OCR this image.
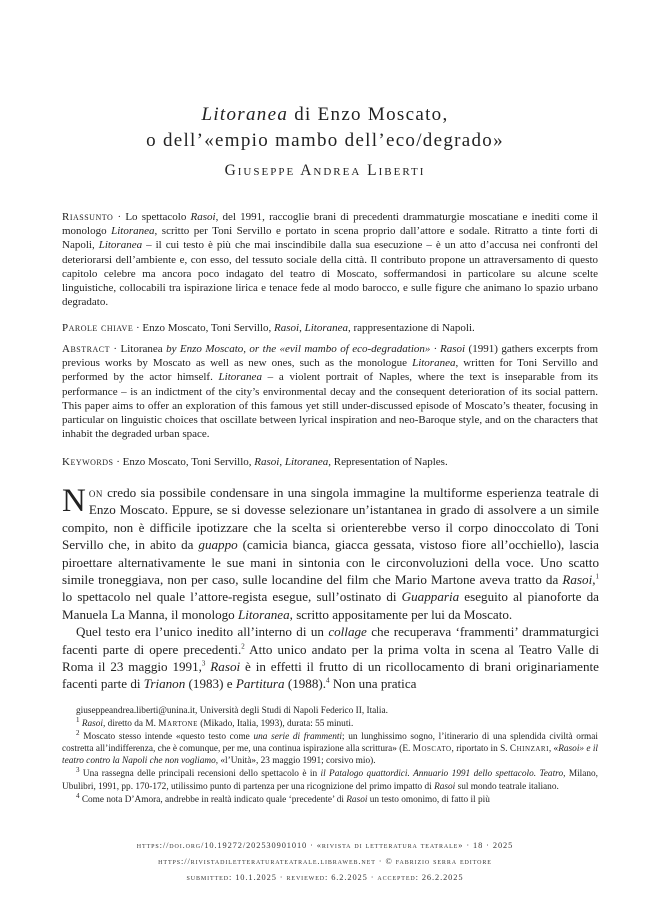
Litoranea di Enzo Moscato,
o dell’«empio mambo dell’eco/degrado»
Giuseppe Andrea Liberti

Riassunto · Lo spettacolo Rasoi, del 1991, raccoglie brani di precedenti drammaturgie moscatiane e inediti come il monologo Litoranea, scritto per Toni Servillo e portato in scena proprio dall’attore e sodale. Ritratto a tinte forti di Napoli, Litoranea – il cui testo è più che mai inscindibile dalla sua esecuzione – è un atto d’accusa nei confronti del deteriorarsi dell’ambiente e, con esso, del tessuto sociale della città. Il contributo propone un attraversamento di questo capitolo celebre ma ancora poco indagato del teatro di Moscato, soffermandosi in particolare su alcune scelte linguistiche, collocabili tra ispirazione lirica e tenace fede al modo barocco, e sulle figure che animano lo spazio urbano degradato.

Parole chiave · Enzo Moscato, Toni Servillo, Rasoi, Litoranea, rappresentazione di Napoli.

Abstract · Litoranea by Enzo Moscato, or the «evil mambo of eco-degradation» · Rasoi (1991) gathers excerpts from previous works by Moscato as well as new ones, such as the monologue Litoranea, written for Toni Servillo and performed by the actor himself. Litoranea – a violent portrait of Naples, where the text is inseparable from its performance – is an indictment of the city’s environmental decay and the consequent deterioration of its social pattern. This paper aims to offer an exploration of this famous yet still under-discussed episode of Moscato’s theater, focusing in particular on linguistic choices that oscillate between lyrical inspiration and neo-Baroque style, and on the characters that inhabit the degraded urban space.

Keywords · Enzo Moscato, Toni Servillo, Rasoi, Litoranea, Representation of Naples.

Non credo sia possibile condensare in una singola immagine la multiforme esperienza teatrale di Enzo Moscato. Eppure, se si dovesse selezionare un’istantanea in grado di assolvere a un simile compito, non è difficile ipotizzare che la scelta si orienterebbe verso il corpo dinoccolato di Toni Servillo che, in abito da guappo (camicia bianca, giacca gessata, vistoso fiore all’occhiello), lascia piroettare alternativamente le sue mani in sintonia con le circonvoluzioni della voce. Uno scatto simile troneggiava, non per caso, sulle locandine del film che Mario Martone aveva tratto da Rasoi,$^1$ lo spettacolo nel quale l’attore-regista esegue, sull’ostinato di Guapparia eseguito al pianoforte da Manuela La Manna, il monologo Litoranea, scritto appositamente per lui da Moscato.

Quel testo era l’unico inedito all’interno di un collage che recuperava ‘frammenti’ drammaturgici facenti parte di opere precedenti.$^2$ Atto unico andato per la prima volta in scena al Teatro Valle di Roma il 23 maggio 1991,$^3$ Rasoi è in effetti il frutto di un ricollocamento di brani originariamente facenti parte di Trianon (1983) e Partitura (1988).$^4$ Non una pratica

giuseppeandrea.liberti@unina.it, Università degli Studi di Napoli Federico II, Italia.

$^1$ Rasoi, diretto da M. Martone (Mikado, Italia, 1993), durata: 55 minuti.

$^2$ Moscato stesso intende «questo testo come una serie di frammenti; un lunghissimo sogno, l’itinerario di una splendida civiltà ormai costretta all’indifferenza, che è comunque, per me, una continua ispirazione alla scrittura» (E. Moscato, riportato in S. Chinzari, «Rasoi» e il teatro contro la Napoli che non vogliamo, «l’Unità», 23 maggio 1991; corsivo mio).

$^3$ Una rassegna delle principali recensioni dello spettacolo è in il Patalogo quattordici. Annuario 1991 dello spettacolo. Teatro, Milano, Ubulibri, 1991, pp. 170-172, utilissimo punto di partenza per una ricognizione del primo impatto di Rasoi sul mondo teatrale italiano.

$^4$ Come nota D’Amora, andrebbe in realtà indicato quale ‘precedente’ di Rasoi un testo omonimo, di fatto il più

https://doi.org/10.19272/202530901010 · «rivista di letteratura teatrale» · 18 · 2025
https://rivistadiletteraturateatrale.libraweb.net · © fabrizio serra editore
submitted: 10.1.2025 · reviewed: 6.2.2025 · accepted: 26.2.2025
